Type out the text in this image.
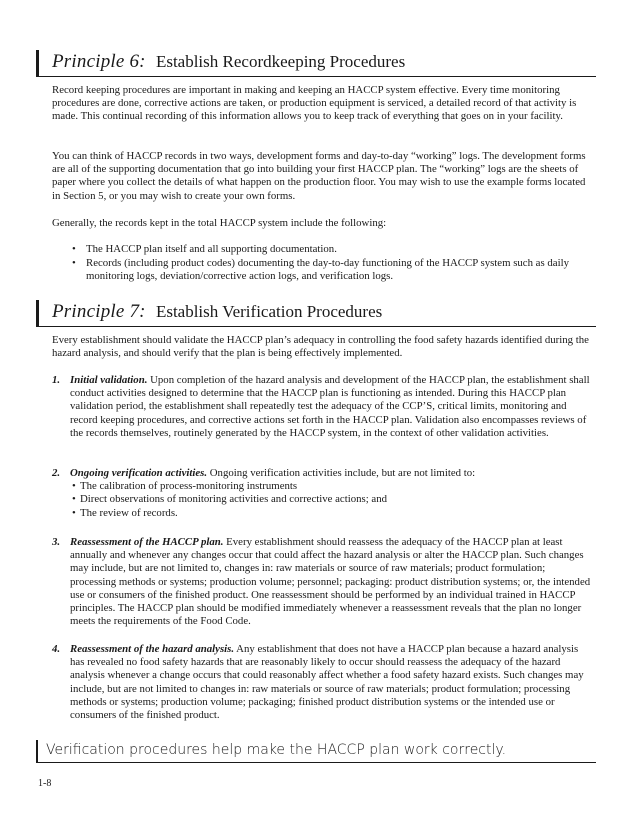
Principle 6: Establish Recordkeeping Procedures
Record keeping procedures are important in making and keeping an HACCP system effective. Every time monitoring procedures are done, corrective actions are taken, or production equipment is serviced, a detailed record of that activity is made. This continual recording of this information allows you to keep track of everything that goes on in your facility.
You can think of HACCP records in two ways, development forms and day-to-day “working” logs. The development forms are all of the supporting documentation that go into building your first HACCP plan. The “working” logs are the sheets of paper where you collect the details of what happen on the production floor. You may wish to use the example forms located in Section 5, or you may wish to create your own forms.
Generally, the records kept in the total HACCP system include the following:
• The HACCP plan itself and all supporting documentation.
• Records (including product codes) documenting the day-to-day functioning of the HACCP system such as daily monitoring logs, deviation/corrective action logs, and verification logs.
Principle 7: Establish Verification Procedures
Every establishment should validate the HACCP plan’s adequacy in controlling the food safety hazards identified during the hazard analysis, and should verify that the plan is being effectively implemented.
1. Initial validation. Upon completion of the hazard analysis and development of the HACCP plan, the establishment shall conduct activities designed to determine that the HACCP plan is functioning as intended. During this HACCP plan validation period, the establishment shall repeatedly test the adequacy of the CCP’S, critical limits, monitoring and record keeping procedures, and corrective actions set forth in the HACCP plan. Validation also encompasses reviews of the records themselves, routinely generated by the HACCP system, in the context of other validation activities.
2. Ongoing verification activities. Ongoing verification activities include, but are not limited to:
• The calibration of process-monitoring instruments
• Direct observations of monitoring activities and corrective actions; and
• The review of records.
3. Reassessment of the HACCP plan. Every establishment should reassess the adequacy of the HACCP plan at least annually and whenever any changes occur that could affect the hazard analysis or alter the HACCP plan. Such changes may include, but are not limited to, changes in: raw materials or source of raw materials; product formulation; processing methods or systems; production volume; personnel; packaging: product distribution systems; or, the intended use or consumers of the finished product. One reassessment should be performed by an individual trained in HACCP principles. The HACCP plan should be modified immediately whenever a reassessment reveals that the plan no longer meets the requirements of the Food Code.
4. Reassessment of the hazard analysis. Any establishment that does not have a HACCP plan because a hazard analysis has revealed no food safety hazards that are reasonably likely to occur should reassess the adequacy of the hazard analysis whenever a change occurs that could reasonably affect whether a food safety hazard exists. Such changes may include, but are not limited to changes in: raw materials or source of raw materials; product formulation; processing methods or systems; production volume; packaging; finished product distribution systems or the intended use or consumers of the finished product.
Verification procedures help make the HACCP plan work correctly.
1-8
